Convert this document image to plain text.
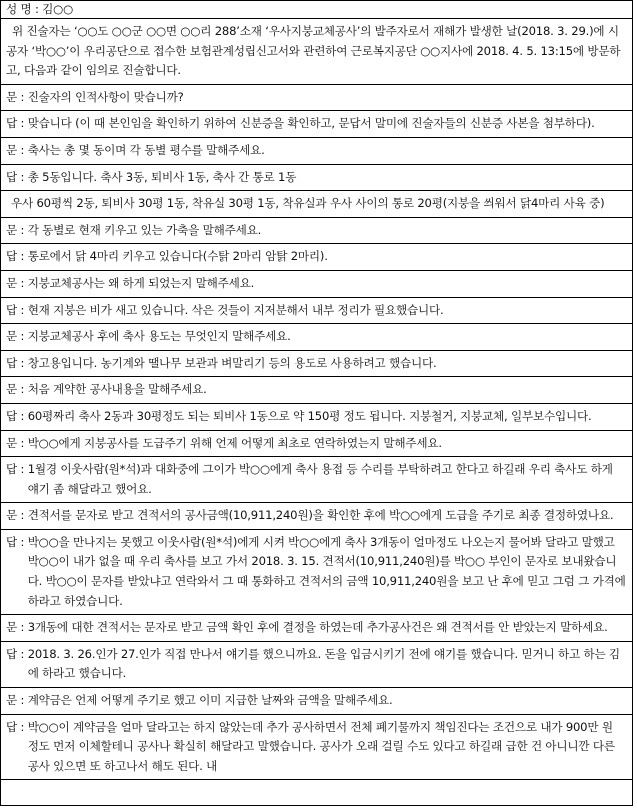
성 명 : 김○○
위 진술자는 ‘○○도 ○○군 ○○면 ○○리 288’소재 ‘우사지붕교체공사’의 발주자로서 재해가 발생한 날(2018. 3. 29.)에 시공자 ‘박○○’이 우리공단으로 접수한 보험관계성립신고서와 관련하여 근로복지공단 ○○지사에 2018. 4. 5. 13:15에 방문하고, 다음과 같이 임의로 진술합니다.
문 : 진술자의 인적사항이 맞습니까?
답 : 맞습니다 (이 때 본인임을 확인하기 위하여 신분증을 확인하고, 문답서 말미에 진술자들의 신분증 사본을 첨부하다).
문 : 축사는 총 몇 동이며 각 동별 평수를 말해주세요.
답 : 총 5동입니다. 축사 3동, 퇴비사 1동, 축사 간 통로 1동
우사 60평씩 2동, 퇴비사 30평 1동, 착유실 30평 1동, 착유실과 우사 사이의 통로 20평(지붕을 씌워서 닭4마리 사육 중)
문 : 각 동별로 현재 키우고 있는 가축을 말해주세요.
답 : 통로에서 닭 4마리 키우고 있습니다(수탉 2마리 암탉 2마리).
문 : 지붕교체공사는 왜 하게 되었는지 말해주세요.
답 : 현재 지붕은 비가 새고 있습니다. 삭은 것들이 지저분해서 내부 정리가 필요했습니다.
문 : 지붕교체공사 후에 축사 용도는 무엇인지 말해주세요.
답 : 창고용입니다. 농기계와 땔나무 보관과 벼말리기 등의 용도로 사용하려고 했습니다.
문 : 처음 계약한 공사내용을 말해주세요.
답 : 60평짜리 축사 2동과 30평정도 되는 퇴비사 1동으로 약 150평 정도 됩니다. 지붕철거, 지붕교체, 일부보수입니다.
문 : 박○○에게 지붕공사를 도급주기 위해 언제 어떻게 최초로 연락하였는지 말해주세요.
답 : 1월경 이웃사람(원*석)과 대화중에 그이가 박○○에게 축사 용접 등 수리를 부탁하려고 한다고 하길래 우리 축사도 하게 얘기 좀 해달라고 했어요.
문 : 견적서를 문자로 받고 견적서의 공사금액(10,911,240원)을 확인한 후에 박○○에게 도급을 주기로 최종 결정하였나요.
답 : 박○○을 만나지는 못했고 이웃사람(원*석)에게 시켜 박○○에게 축사 3개동이 얼마정도 나오는지 물어봐 달라고 말했고 박○○이 내가 없을 때 우리 축사를 보고 가서 2018. 3. 15. 견적서(10,911,240원)를 박○○ 부인이 문자로 보내왔습니다. 박○○이 문자를 받았냐고 연락와서 그 때 통화하고 견적서의 금액 10,911,240원을 보고 난 후에 믿고 그럼 그 가격에 하라고 하였습니다.
문 : 3개동에 대한 견적서는 문자로 받고 금액 확인 후에 결정을 하였는데 추가공사건은 왜 견적서를 안 받았는지 말하세요.
답 : 2018. 3. 26.인가 27.인가 직접 만나서 얘기를 했으니까요. 돈을 입금시키기 전에 얘기를 했습니다. 믿거니 하고 하는 김에 하라고 했습니다.
문 : 계약금은 언제 어떻게 주기로 했고 이미 지급한 날짜와 금액을 말해주세요.
답 : 박○○이 계약금을 얼마 달라고는 하지 않았는데 추가 공사하면서 전체 폐기물까지 책임진다는 조건으로 내가 900만 원 정도 먼저 이체할테니 공사나 확실히 해달라고 말했습니다. 공사가 오래 걸릴 수도 있다고 하길래 급한 건 아니니깐 다른 공사 있으면 또 하고나서 해도 된다. 내
